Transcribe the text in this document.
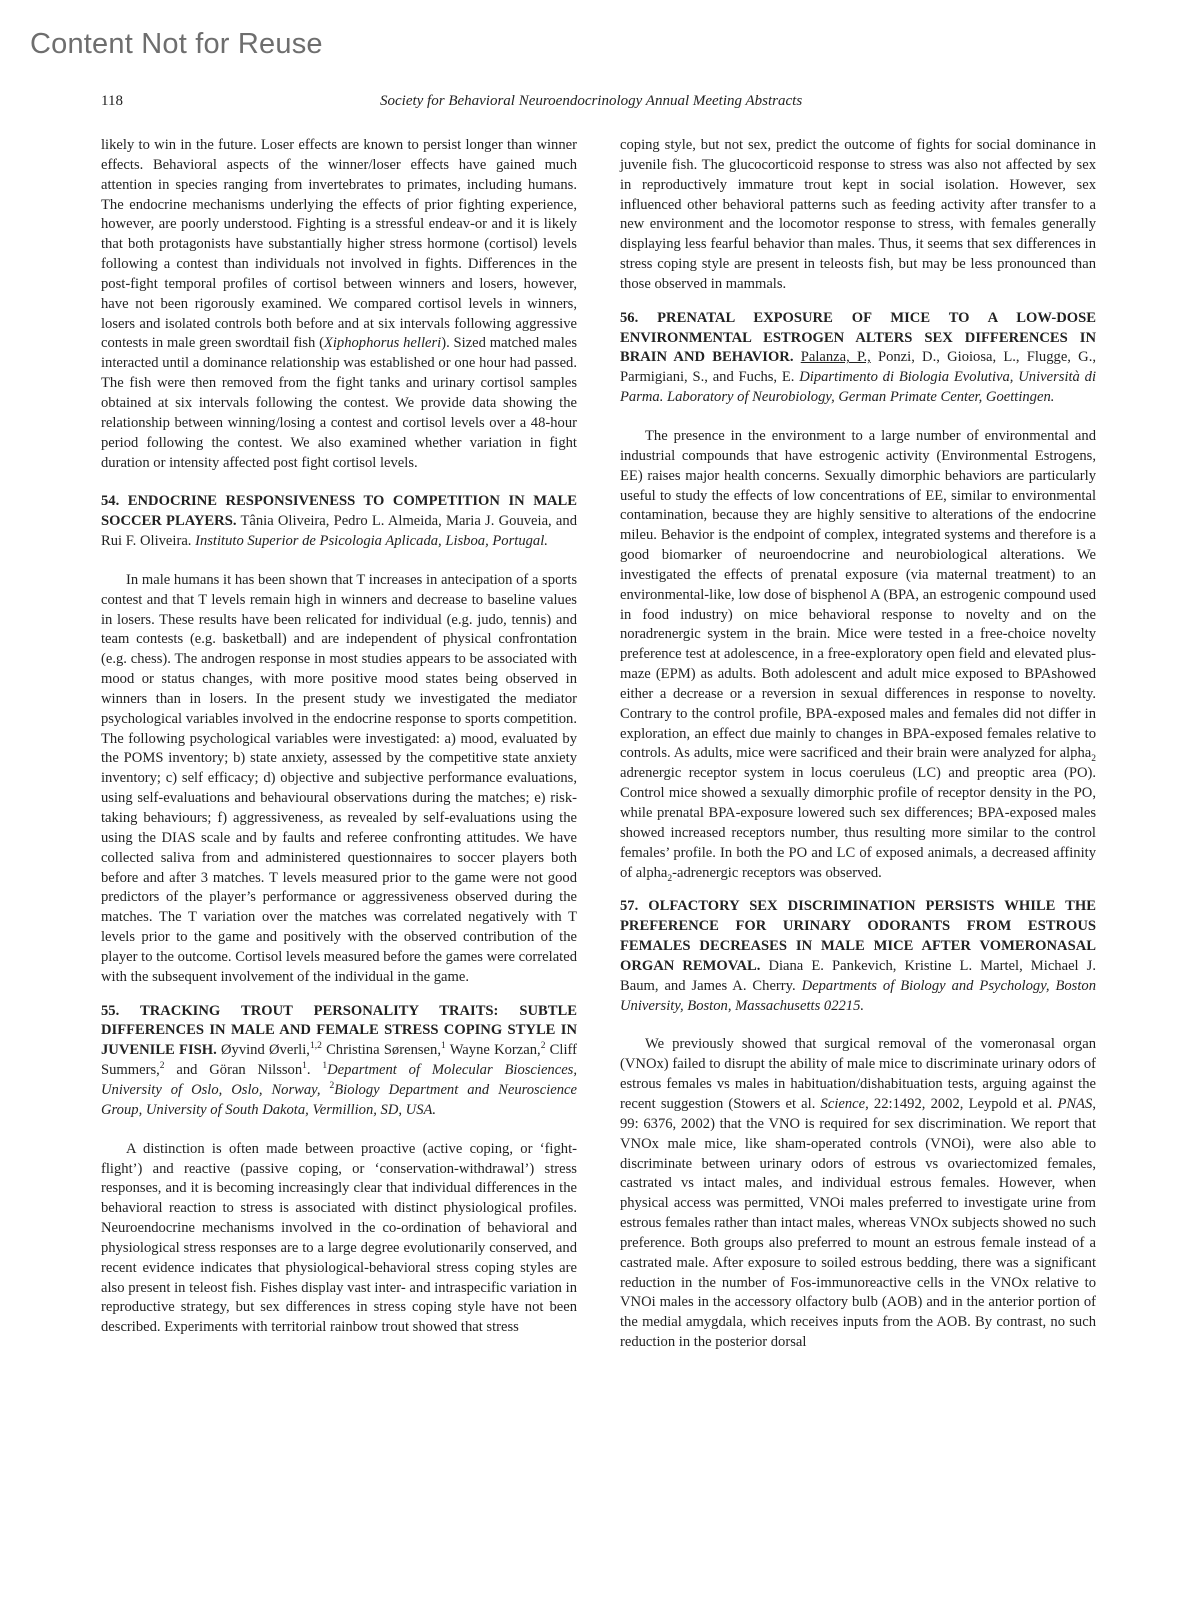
Content Not for Reuse
118	Society for Behavioral Neuroendocrinology Annual Meeting Abstracts

likely to win in the future. Loser effects are known to persist longer than winner effects. Behavioral aspects of the winner/loser effects have gained much attention in species ranging from invertebrates to primates, including humans. The endocrine mechanisms underlying the effects of prior fighting experience, however, are poorly understood. Fighting is a stressful endeav-or and it is likely that both protagonists have substantially higher stress hormone (cortisol) levels following a contest than individuals not involved in fights. Differences in the post-fight temporal profiles of cortisol between winners and losers, however, have not been rigorously examined. We compared cortisol levels in winners, losers and isolated controls both before and at six intervals following aggressive contests in male green swordtail fish (Xiphophorus helleri). Sized matched males interacted until a dominance relationship was established or one hour had passed. The fish were then removed from the fight tanks and urinary cortisol samples obtained at six intervals following the contest. We provide data showing the relationship between winning/losing a contest and cortisol levels over a 48-hour period following the contest. We also examined whether variation in fight duration or intensity affected post fight cortisol levels.

54. ENDOCRINE RESPONSIVENESS TO COMPETITION IN MALE SOCCER PLAYERS. Tânia Oliveira, Pedro L. Almeida, Maria J. Gouveia, and Rui F. Oliveira. Instituto Superior de Psicologia Aplicada, Lisboa, Portugal.

In male humans it has been shown that T increases in antecipation of a sports contest and that T levels remain high in winners and decrease to baseline values in losers. These results have been relicated for individual (e.g. judo, tennis) and team contests (e.g. basketball) and are independent of physical confrontation (e.g. chess). The androgen response in most studies appears to be associated with mood or status changes, with more positive mood states being observed in winners than in losers. In the present study we investigated the mediator psychological variables involved in the endocrine response to sports competition. The following psychological variables were investigated: a) mood, evaluated by the POMS inventory; b) state anxiety, assessed by the competitive state anxiety inventory; c) self efficacy; d) objective and subjective performance evaluations, using self-evaluations and behavioural observations during the matches; e) risk-taking behaviours; f) aggressiveness, as revealed by self-evaluations using the using the DIAS scale and by faults and referee confronting attitudes. We have collected saliva from and administered questionnaires to soccer players both before and after 3 matches. T levels measured prior to the game were not good predictors of the player’s performance or aggressiveness observed during the matches. The T variation over the matches was correlated negatively with T levels prior to the game and positively with the observed contribution of the player to the outcome. Cortisol levels measured before the games were correlated with the subsequent involvement of the individual in the game.

55. TRACKING TROUT PERSONALITY TRAITS: SUBTLE DIFFERENCES IN MALE AND FEMALE STRESS COPING STYLE IN JUVENILE FISH. Øyvind Øverli,$^{1,2}$ Christina Sørensen,$^1$ Wayne Korzan,$^2$ Cliff Summers,$^2$ and Göran Nilsson$^1$. $^1$Department of Molecular Biosciences, University of Oslo, Oslo, Norway, $^2$Biology Department and Neuroscience Group, University of South Dakota, Vermillion, SD, USA.

A distinction is often made between proactive (active coping, or ‘fight-flight’) and reactive (passive coping, or ‘conservation-withdrawal’) stress responses, and it is becoming increasingly clear that individual differences in the behavioral reaction to stress is associated with distinct physiological profiles. Neuroendocrine mechanisms involved in the co-ordination of behavioral and physiological stress responses are to a large degree evolutionarily conserved, and recent evidence indicates that physiological-behavioral stress coping styles are also present in teleost fish. Fishes display vast inter- and intraspecific variation in reproductive strategy, but sex differences in stress coping style have not been described. Experiments with territorial rainbow trout showed that stress

coping style, but not sex, predict the outcome of fights for social dominance in juvenile fish. The glucocorticoid response to stress was also not affected by sex in reproductively immature trout kept in social isolation. However, sex influenced other behavioral patterns such as feeding activity after transfer to a new environment and the locomotor response to stress, with females generally displaying less fearful behavior than males. Thus, it seems that sex differences in stress coping style are present in teleosts fish, but may be less pronounced than those observed in mammals.

56. PRENATAL EXPOSURE OF MICE TO A LOW-DOSE ENVIRONMENTAL ESTROGEN ALTERS SEX DIFFERENCES IN BRAIN AND BEHAVIOR. Palanza, P., Ponzi, D., Gioiosa, L., Flugge, G., Parmigiani, S., and Fuchs, E. Dipartimento di Biologia Evolutiva, Università di Parma. Laboratory of Neurobiology, German Primate Center, Goettingen.

The presence in the environment to a large number of environmental and industrial compounds that have estrogenic activity (Environmental Estrogens, EE) raises major health concerns. Sexually dimorphic behaviors are particularly useful to study the effects of low concentrations of EE, similar to environmental contamination, because they are highly sensitive to alterations of the endocrine mileu. Behavior is the endpoint of complex, integrated systems and therefore is a good biomarker of neuroendocrine and neurobiological alterations. We investigated the effects of prenatal exposure (via maternal treatment) to an environmental-like, low dose of bisphenol A (BPA, an estrogenic compound used in food industry) on mice behavioral response to novelty and on the noradrenergic system in the brain. Mice were tested in a free-choice novelty preference test at adolescence, in a free-exploratory open field and elevated plus-maze (EPM) as adults. Both adolescent and adult mice exposed to BPAshowed either a decrease or a reversion in sexual differences in response to novelty. Contrary to the control profile, BPA-exposed males and females did not differ in exploration, an effect due mainly to changes in BPA-exposed females relative to controls. As adults, mice were sacrificed and their brain were analyzed for alpha$_2$ adrenergic receptor system in locus coeruleus (LC) and preoptic area (PO). Control mice showed a sexually dimorphic profile of receptor density in the PO, while prenatal BPA-exposure lowered such sex differences; BPA-exposed males showed increased receptors number, thus resulting more similar to the control females’ profile. In both the PO and LC of exposed animals, a decreased affinity of alpha$_2$-adrenergic receptors was observed.

57. OLFACTORY SEX DISCRIMINATION PERSISTS WHILE THE PREFERENCE FOR URINARY ODORANTS FROM ESTROUS FEMALES DECREASES IN MALE MICE AFTER VOMERONASAL ORGAN REMOVAL. Diana E. Pankevich, Kristine L. Martel, Michael J. Baum, and James A. Cherry. Departments of Biology and Psychology, Boston University, Boston, Massachusetts 02215.

We previously showed that surgical removal of the vomeronasal organ (VNOx) failed to disrupt the ability of male mice to discriminate urinary odors of estrous females vs males in habituation/dishabituation tests, arguing against the recent suggestion (Stowers et al. Science, 22:1492, 2002, Leypold et al. PNAS, 99: 6376, 2002) that the VNO is required for sex discrimination. We report that VNOx male mice, like sham-operated controls (VNOi), were also able to discriminate between urinary odors of estrous vs ovariectomized females, castrated vs intact males, and individual estrous females. However, when physical access was permitted, VNOi males preferred to investigate urine from estrous females rather than intact males, whereas VNOx subjects showed no such preference. Both groups also preferred to mount an estrous female instead of a castrated male. After exposure to soiled estrous bedding, there was a significant reduction in the number of Fos-immunoreactive cells in the VNOx relative to VNOi males in the accessory olfactory bulb (AOB) and in the anterior portion of the medial amygdala, which receives inputs from the AOB. By contrast, no such reduction in the posterior dorsal
